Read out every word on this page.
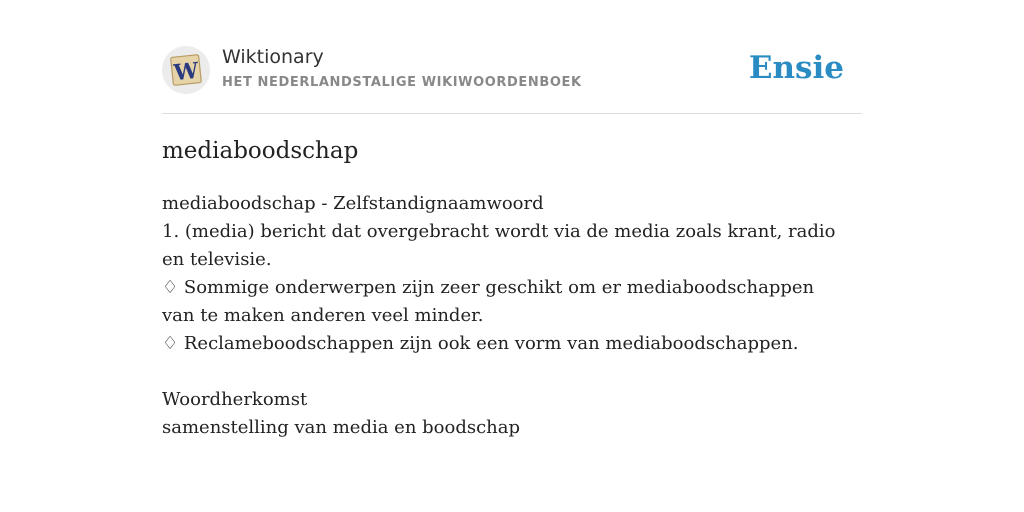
W
Wiktionary
HET NEDERLANDSTALIGE WIKIWOORDENBOEK	Ensie
mediaboodschap

mediaboodschap - Zelfstandignaamwoord

1. (media) bericht dat overgebracht wordt via de media zoals krant, radio en televisie.

♢ Sommige onderwerpen zijn zeer geschikt om er mediaboodschappen van te maken anderen veel minder.

♢ Reclameboodschappen zijn ook een vorm van mediaboodschappen.

Woordherkomst

samenstelling van media en boodschap
